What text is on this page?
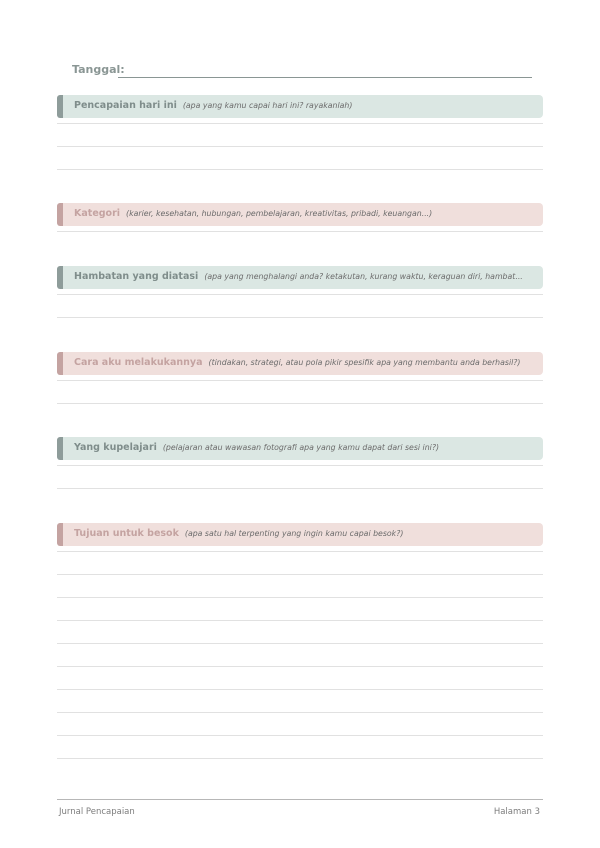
Tanggal:
Pencapaian hari ini (apa yang kamu capai hari ini? rayakanlah)
Kategori (karier, kesehatan, hubungan, pembelajaran, kreativitas, pribadi, keuangan...)
Hambatan yang diatasi (apa yang menghalangi anda? ketakutan, kurang waktu, keraguan diri, hambat...
Cara aku melakukannya (tindakan, strategi, atau pola pikir spesifik apa yang membantu anda berhasil?)
Yang kupelajari (pelajaran atau wawasan fotografi apa yang kamu dapat dari sesi ini?)
Tujuan untuk besok (apa satu hal terpenting yang ingin kamu capai besok?)
Jurnal Pencapaian	Halaman 3
